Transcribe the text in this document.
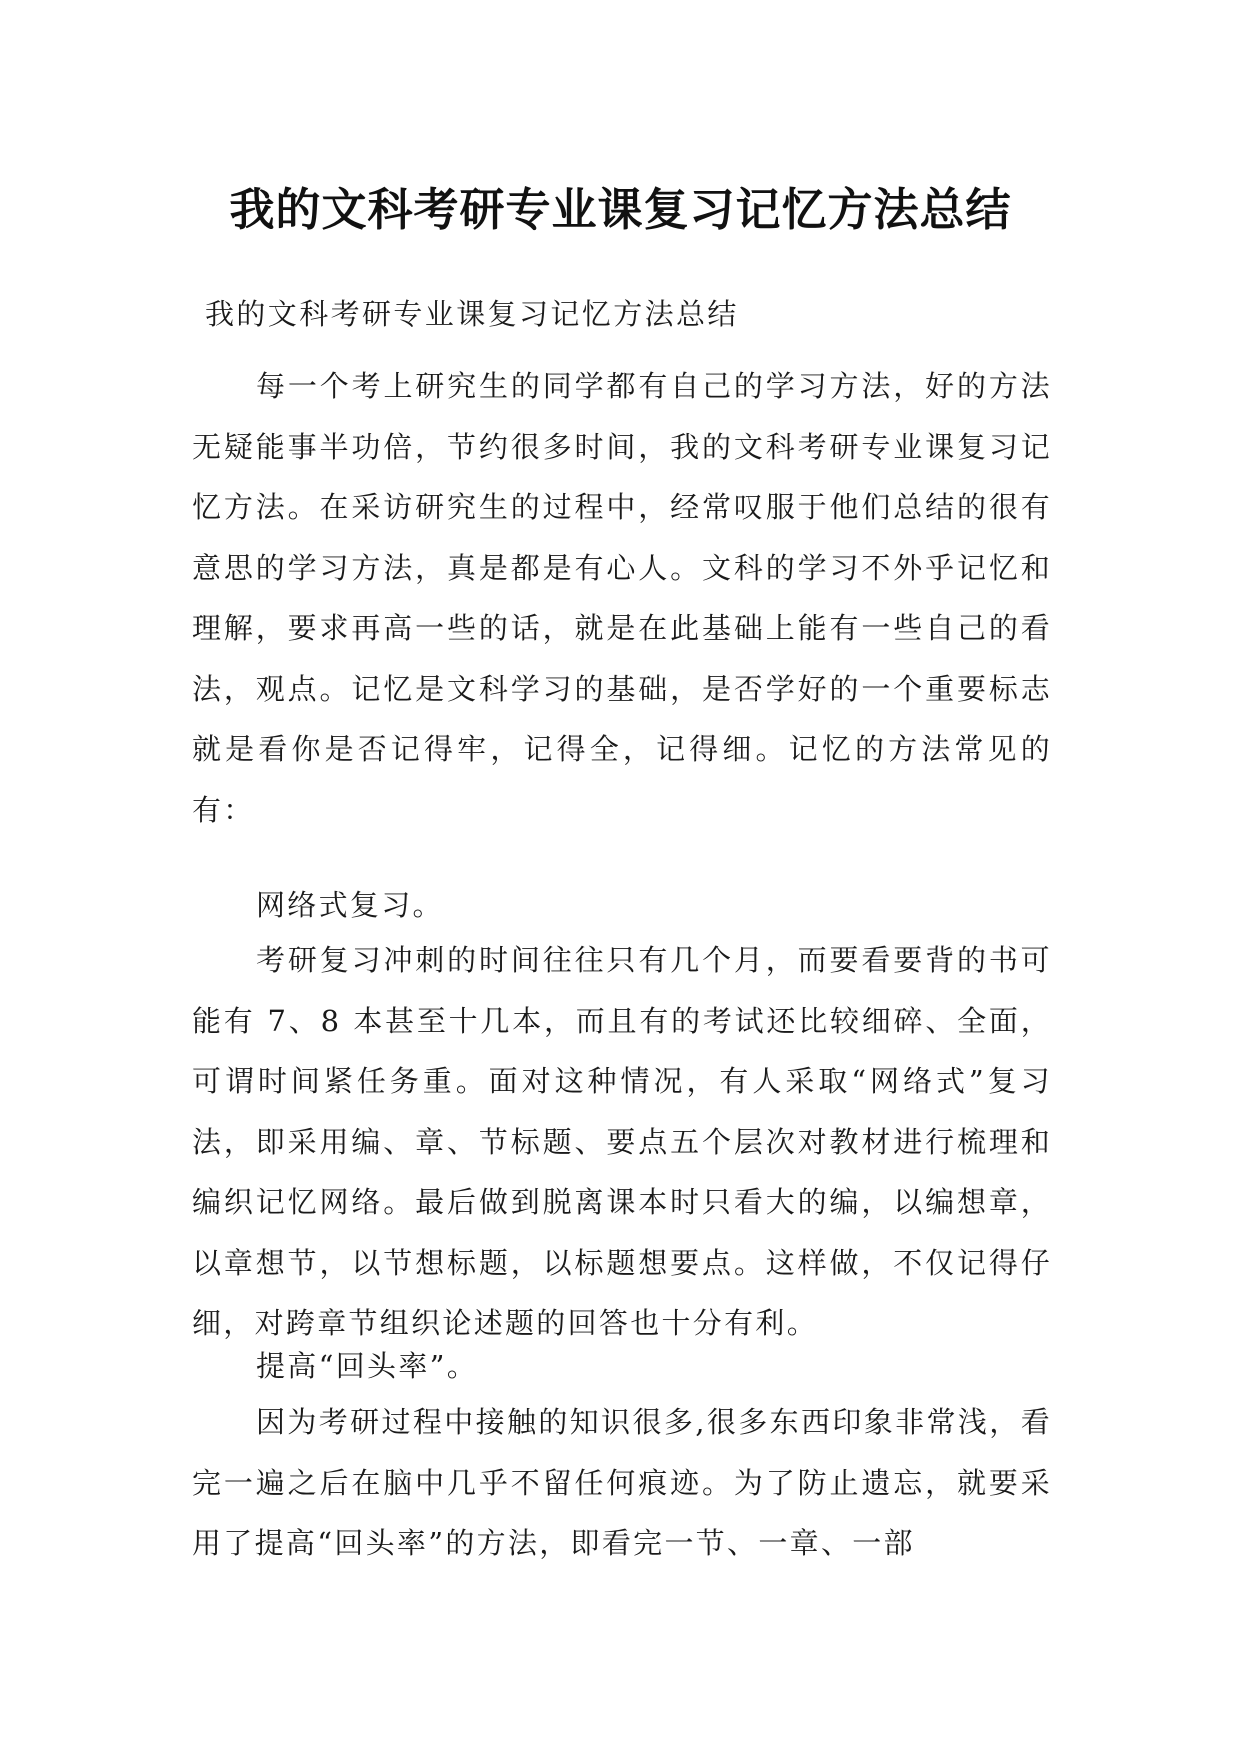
我的文科考研专业课复习记忆方法总结
我的文科考研专业课复习记忆方法总结

每一个考上研究生的同学都有自己的学习方法，好的方法无疑能事半功倍，节约很多时间，我的文科考研专业课复习记忆方法。在采访研究生的过程中，经常叹服于他们总结的很有意思的学习方法，真是都是有心人。文科的学习不外乎记忆和理解，要求再高一些的话，就是在此基础上能有一些自己的看法，观点。记忆是文科学习的基础，是否学好的一个重要标志就是看你是否记得牢，记得全，记得细。记忆的方法常见的有：

网络式复习。

考研复习冲刺的时间往往只有几个月，而要看要背的书可能有 7、8 本甚至十几本，而且有的考试还比较细碎、全面，可谓时间紧任务重。面对这种情况，有人采取“网络式”复习法，即采用编、章、节标题、要点五个层次对教材进行梳理和编织记忆网络。最后做到脱离课本时只看大的编，以编想章，以章想节，以节想标题，以标题想要点。这样做，不仅记得仔细，对跨章节组织论述题的回答也十分有利。

提高“回头率”。

因为考研过程中接触的知识很多,很多东西印象非常浅，看完一遍之后在脑中几乎不留任何痕迹。为了防止遗忘，就要采用了提高“回头率”的方法，即看完一节、一章、一部
